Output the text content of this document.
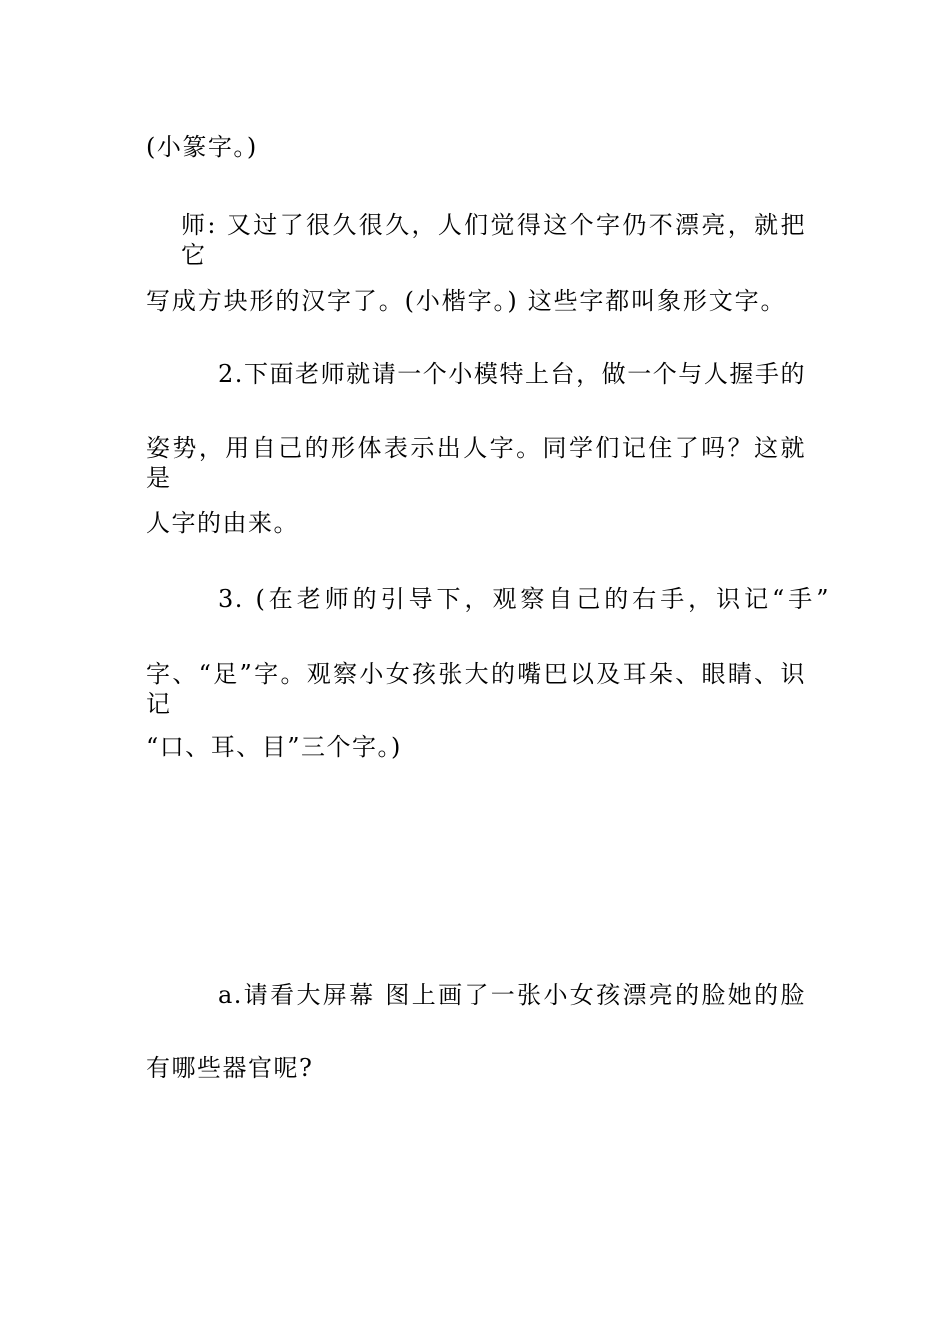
(小篆字。)
师: 又过了很久很久，人们觉得这个字仍不漂亮，就把它
写成方块形的汉字了。(小楷字。) 这些字都叫象形文字。
2.下面老师就请一个小模特上台，做一个与人握手的
姿势，用自己的形体表示出人字。同学们记住了吗？这就是
人字的由来。
3. (在老师的引导下，观察自己的右手，识记“手”
字、“足”字。观察小女孩张大的嘴巴以及耳朵、眼睛、识记
“口、耳、目”三个字。)
a.请看大屏幕 图上画了一张小女孩漂亮的脸她的脸
有哪些器官呢?
